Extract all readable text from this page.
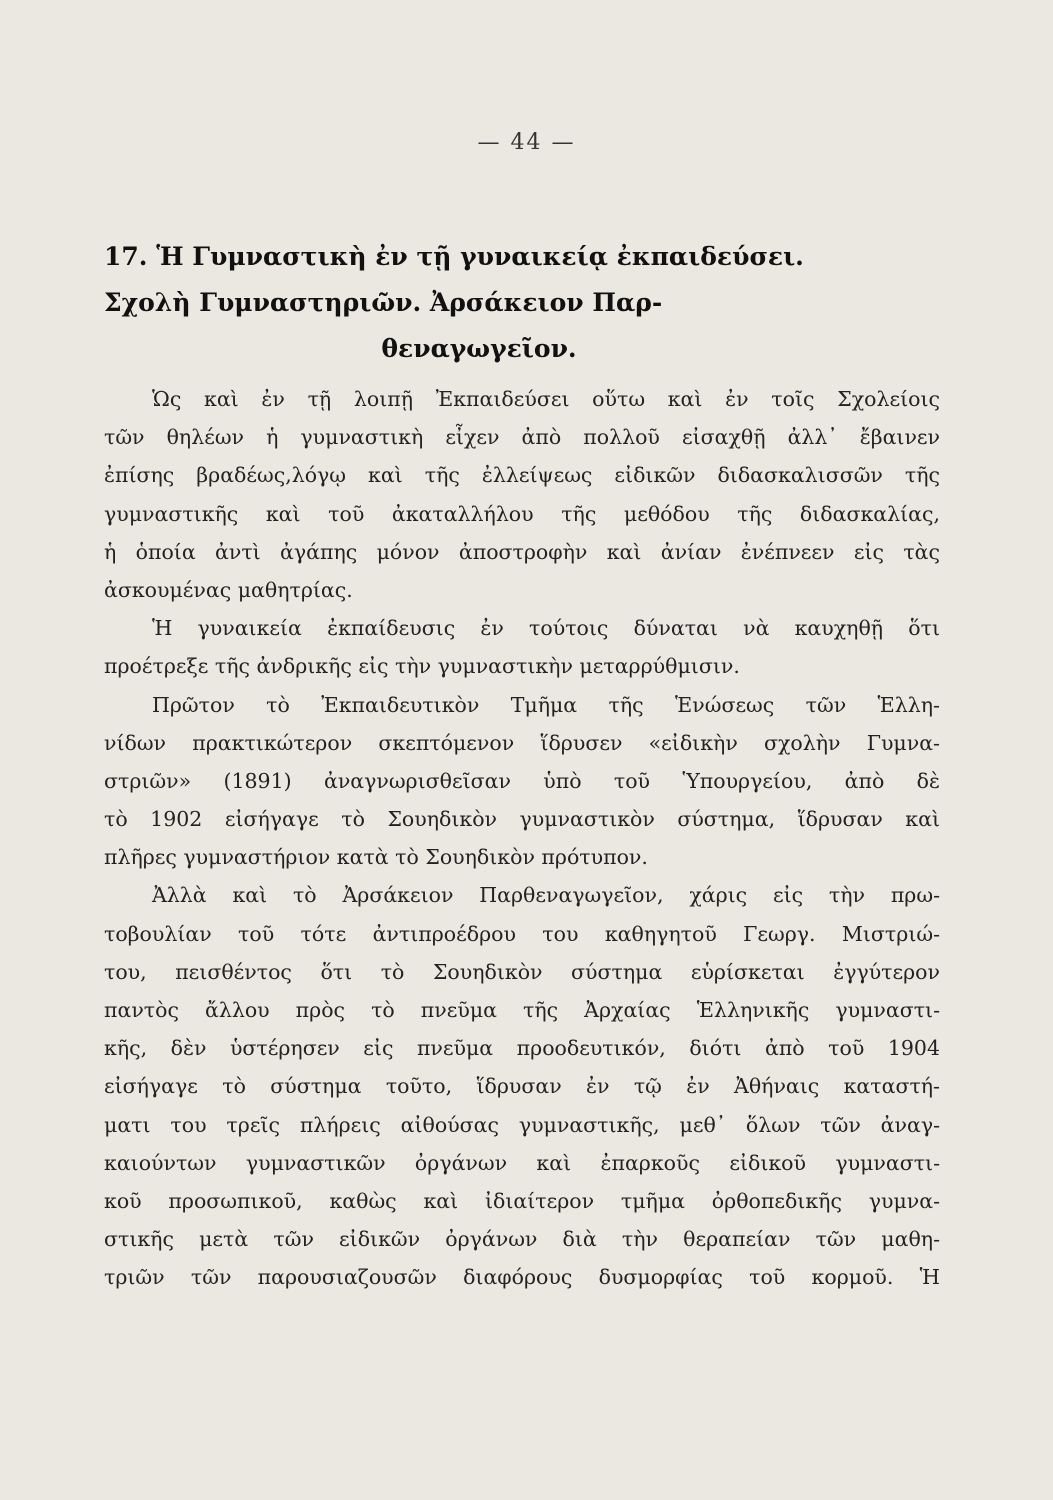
— 44 —
17. Ἡ Γυμναστικὴ ἐν τῇ γυναικείᾳ ἐκπαιδεύσει.
Σχολὴ Γυμναστηριῶν. Ἀρσάκειον Παρ-
θεναγωγεῖον.
Ὡς καὶ ἐν τῇ λοιπῇ Ἐκπαιδεύσει οὕτω καὶ ἐν τοῖς Σχολείοις
τῶν θηλέων ἡ γυμναστικὴ εἶχεν ἀπὸ πολλοῦ εἰσαχθῇ ἀλλ᾽ ἔβαινεν
ἐπίσης βραδέως,λόγῳ καὶ τῆς ἐλλείψεως εἰδικῶν διδασκαλισσῶν τῆς
γυμναστικῆς καὶ τοῦ ἀκαταλλήλου τῆς μεθόδου τῆς διδασκαλίας,
ἡ ὁποία ἀντὶ ἀγάπης μόνον ἀποστροφὴν καὶ ἀνίαν ἐνέπνεεν εἰς τὰς
ἀσκουμένας μαθητρίας.
Ἡ γυναικεία ἐκπαίδευσις ἐν τούτοις δύναται νὰ καυχηθῇ ὅτι
προέτρεξε τῆς ἀνδρικῆς εἰς τὴν γυμναστικὴν μεταρρύθμισιν.
Πρῶτον τὸ Ἐκπαιδευτικὸν Τμῆμα τῆς Ἑνώσεως τῶν Ἑλλη-
νίδων πρακτικώτερον σκεπτόμενον ἵδρυσεν «εἰδικὴν σχολὴν Γυμνα-
στριῶν» (1891) ἀναγνωρισθεῖσαν ὑπὸ τοῦ Ὑπουργείου, ἀπὸ δὲ
τὸ 1902 εἰσήγαγε τὸ Σουηδικὸν γυμναστικὸν σύστημα, ἵδρυσαν καὶ
πλῆρες γυμναστήριον κατὰ τὸ Σουηδικὸν πρότυπον.
Ἀλλὰ καὶ τὸ Ἀρσάκειον Παρθεναγωγεῖον, χάρις εἰς τὴν πρω-
τοβουλίαν τοῦ τότε ἀντιπροέδρου του καθηγητοῦ Γεωργ. Μιστριώ-
του, πεισθέντος ὅτι τὸ Σουηδικὸν σύστημα εὑρίσκεται ἐγγύτερον
παντὸς ἄλλου πρὸς τὸ πνεῦμα τῆς Ἀρχαίας Ἑλληνικῆς γυμναστι-
κῆς, δὲν ὑστέρησεν εἰς πνεῦμα προοδευτικόν, διότι ἀπὸ τοῦ 1904
εἰσήγαγε τὸ σύστημα τοῦτο, ἵδρυσαν ἐν τῷ ἐν Ἀθήναις καταστή-
ματι του τρεῖς πλήρεις αἰθούσας γυμναστικῆς, μεθ᾽ ὅλων τῶν ἀναγ-
καιούντων γυμναστικῶν ὀργάνων καὶ ἐπαρκοῦς εἰδικοῦ γυμναστι-
κοῦ προσωπικοῦ, καθὼς καὶ ἰδιαίτερον τμῆμα ὀρθοπεδικῆς γυμνα-
στικῆς μετὰ τῶν εἰδικῶν ὀργάνων διὰ τὴν θεραπείαν τῶν μαθη-
τριῶν τῶν παρουσιαζουσῶν διαφόρους δυσμορφίας τοῦ κορμοῦ. Ἡ
